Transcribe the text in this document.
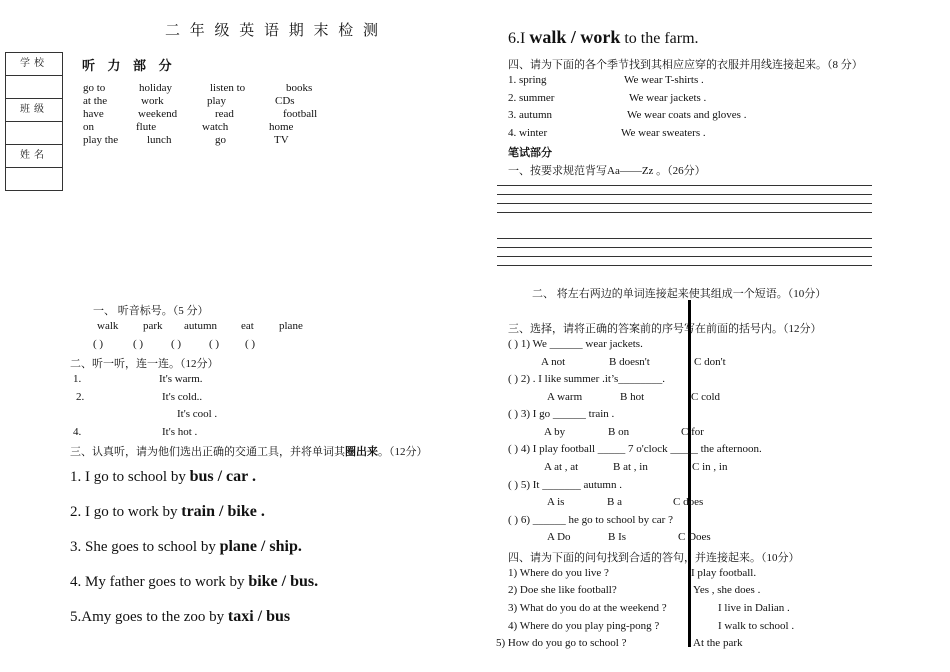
二 年 级 英 语 期 末 检 测
学校
班级
姓名
听 力 部 分
go to	holiday	listen to	books
at the	work	play	CDs
have	weekend	read	football
on	flute	watch	home
play the	lunch	go	TV
一、 听音标号。（5 分）
walk park autumn eat plane
( )	( )	( )	( ) ( )
二、听一听，连一连。（12分）
1.	It's warm.
2.	It's cold..
It's cool .
4.	It's hot .
三、认真听，请为他们选出正确的交通工具，并将单词其圈出来。（12分）
1. I go to school by bus / car .
2. I go to work by train / bike .
3. She goes to school by plane / ship.
4. My father goes to work by bike / bus.
5.Amy goes to the zoo by taxi / bus
6.I walk / work to the farm.
四、请为下面的各个季节找到其相应应穿的衣服并用线连接起来。（8 分）
1. spring	We wear T-shirts .
2. summer	We wear jackets .
3. autumn	We wear coats and gloves .
4. winter	We wear sweaters .
笔试部分
一、按要求规范背写Aa——Zz 。（26分）
二、 将左右两边的单词连接起来使其组成一个短语。（10分）
三、选择，请将正确的答案前的序号写在前面的括号内。（12分）
( ) 1) We ______ wear jackets.
A not	B doesn't	C don't
( ) 2) . I like summer .it’s________.
A warm	B hot	C cold
( ) 3) I go ______ train .
A by	B on	C for
( ) 4) I play football _____ 7 o'clock _____ the afternoon.
A at , at	B at , in	C in , in
( ) 5) It _______ autumn .
A is	B a	C does
( ) 6) ______ he go to school by car ?
A Do	B Is	C Does
四、请为下面的问句找到合适的答句，并连接起来。（10分）
1) Where do you live ?	I play football.
2) Doe she like football?	Yes , she does .
3) What do you do at the weekend ?	I live in Dalian .
4) Where do you play ping-pong ?	I walk to school .
5) How do you go to school ?	At the park
